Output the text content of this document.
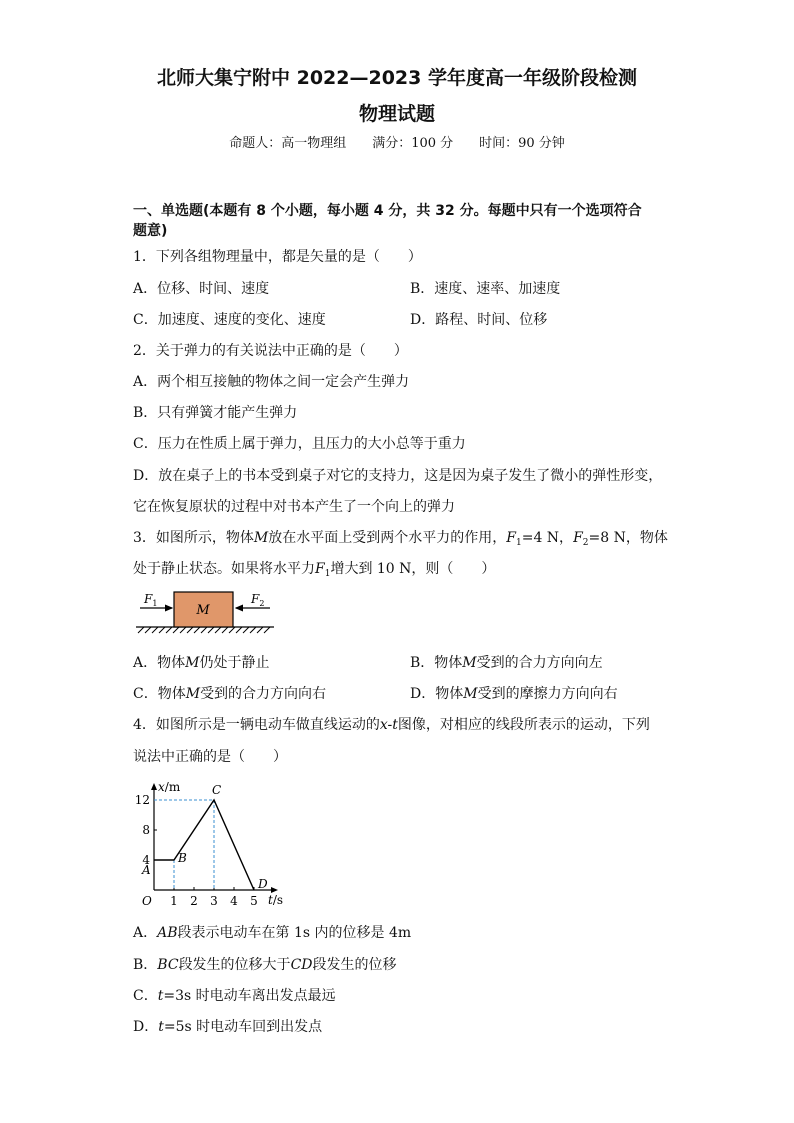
北师大集宁附中 2022—2023 学年度高一年级阶段检测
物理试题
命题人：高一物理组　　满分：100 分　　时间：90 分钟
一、单选题(本题有 8 个小题，每小题 4 分，共 32 分。每题中只有一个选项符合
题意)
1．下列各组物理量中，都是矢量的是（　　）
A．位移、时间、速度	B．速度、速率、加速度
C．加速度、速度的变化、速度	D．路程、时间、位移
2．关于弹力的有关说法中正确的是（　　）
A．两个相互接触的物体之间一定会产生弹力
B．只有弹簧才能产生弹力
C．压力在性质上属于弹力，且压力的大小总等于重力
D．放在桌子上的书本受到桌子对它的支持力，这是因为桌子发生了微小的弹性形变，
它在恢复原状的过程中对书本产生了一个向上的弹力
3．如图所示，物体M放在水平面上受到两个水平力的作用，$F_1=4$ N，$F_2=8$ N，物体
处于静止状态。如果将水平力$F_1$增大到 10 N，则（　　）
M
$F_1$	$F_2$
A．物体M仍处于静止	B．物体M受到的合力方向向左
C．物体M受到的合力方向向右	D．物体M受到的摩擦力方向向右
4．如图所示是一辆电动车做直线运动的x-t图像，对相应的线段所表示的运动，下列
说法中正确的是（　　）
x/m
t/s
O 1 2 3 4 5
4
8
12
A
B
C
D
A．AB段表示电动车在第 1s 内的位移是 4m
B．BC段发生的位移大于CD段发生的位移
C．t=3s 时电动车离出发点最远
D．t=5s 时电动车回到出发点
